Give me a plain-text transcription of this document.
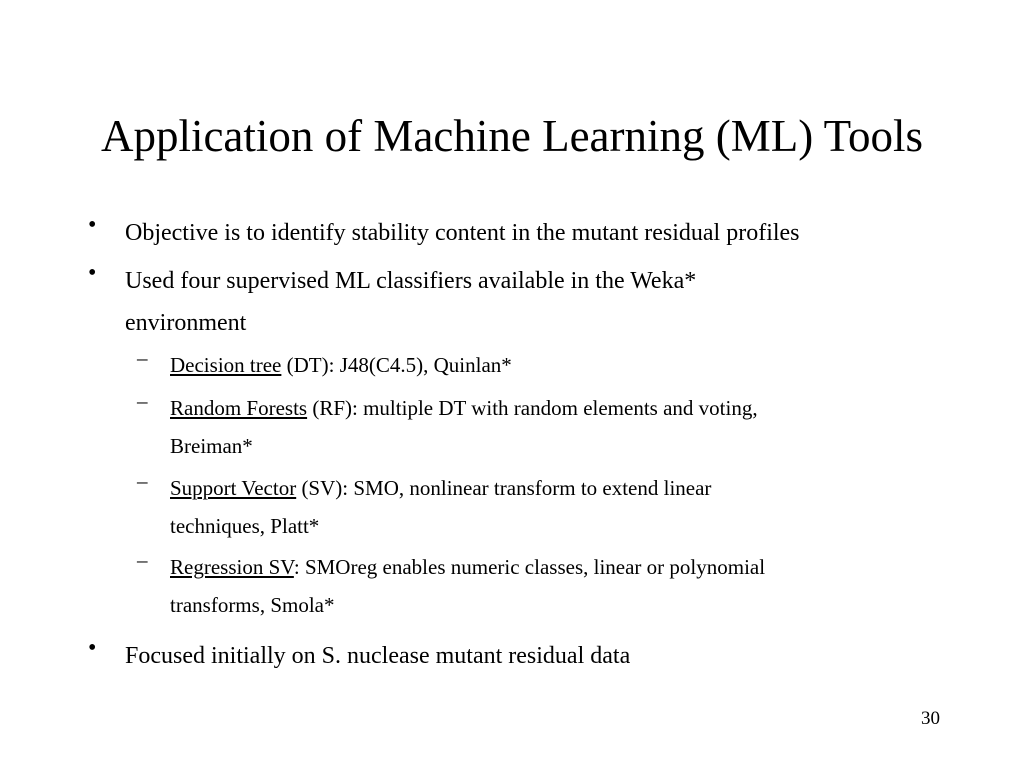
Application of Machine Learning (ML) Tools
• Objective is to identify stability content in the mutant residual profiles
• Used four supervised ML classifiers available in the Weka*
environment
– Decision tree (DT): J48(C4.5), Quinlan*
– Random Forests (RF): multiple DT with random elements and voting,
Breiman*
– Support Vector (SV): SMO, nonlinear transform to extend linear
techniques, Platt*
– Regression SV: SMOreg enables numeric classes, linear or polynomial
transforms, Smola*
• Focused initially on S. nuclease mutant residual data
30
